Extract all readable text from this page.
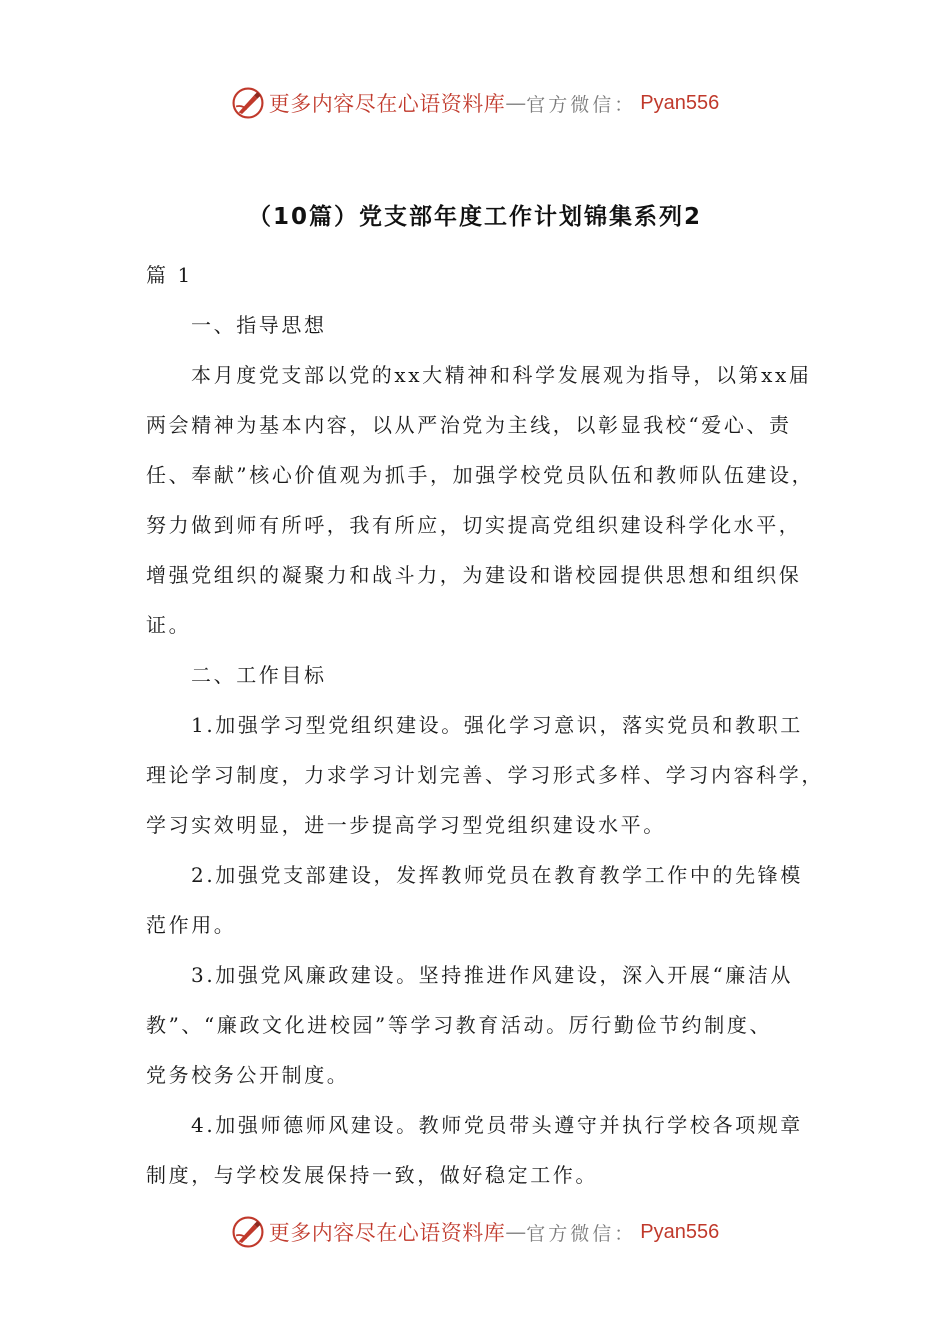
更多内容尽在心语资料库 — 官方微信： Pyan556
（10篇）党支部年度工作计划锦集系列2
篇 1
一、指导思想
本月度党支部以党的xx大精神和科学发展观为指导，以第xx届
两会精神为基本内容，以从严治党为主线，以彰显我校“爱心、责
任、奉献”核心价值观为抓手，加强学校党员队伍和教师队伍建设，
努力做到师有所呼，我有所应，切实提高党组织建设科学化水平，
增强党组织的凝聚力和战斗力，为建设和谐校园提供思想和组织保
证。
二、工作目标
1.加强学习型党组织建设。强化学习意识，落实党员和教职工
理论学习制度，力求学习计划完善、学习形式多样、学习内容科学，
学习实效明显，进一步提高学习型党组织建设水平。
2.加强党支部建设，发挥教师党员在教育教学工作中的先锋模
范作用。
3.加强党风廉政建设。坚持推进作风建设，深入开展“廉洁从
教”、“廉政文化进校园”等学习教育活动。厉行勤俭节约制度、
党务校务公开制度。
4.加强师德师风建设。教师党员带头遵守并执行学校各项规章
制度，与学校发展保持一致，做好稳定工作。
更多内容尽在心语资料库 — 官方微信： Pyan556
